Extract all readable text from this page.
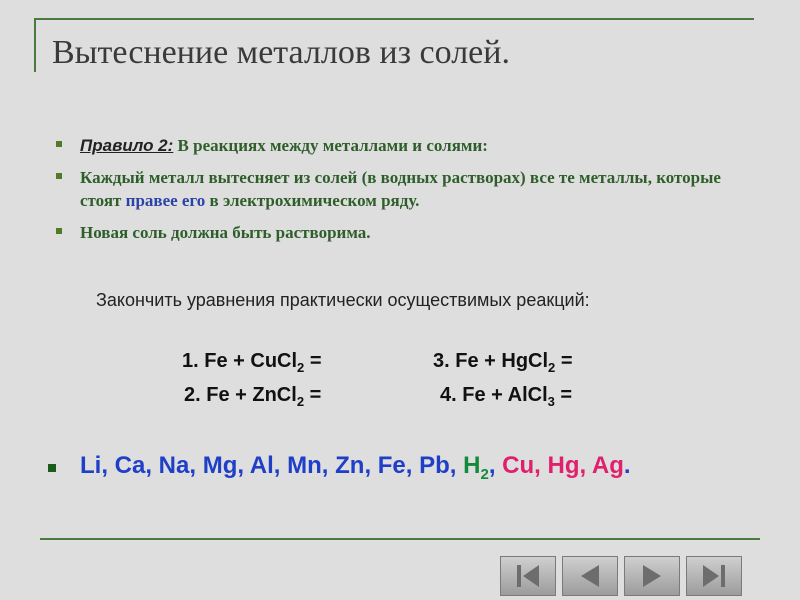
Вытеснение металлов из солей.
Правило 2: В реакциях между металлами и солями:
Каждый металл вытесняет из солей (в водных растворах) все те металлы, которые стоят правее его в электрохимическом ряду.
Новая соль должна быть растворима.
Закончить уравнения практически осуществимых реакций:
1. Fe + CuCl$_2$ =
2. Fe + ZnCl$_2$ =
3. Fe + HgCl$_2$ =
4. Fe + AlCl$_3$ =
Li, Ca, Na, Mg, Al, Mn, Zn, Fe, Pb, $H_2$, Cu, Hg, Ag.
